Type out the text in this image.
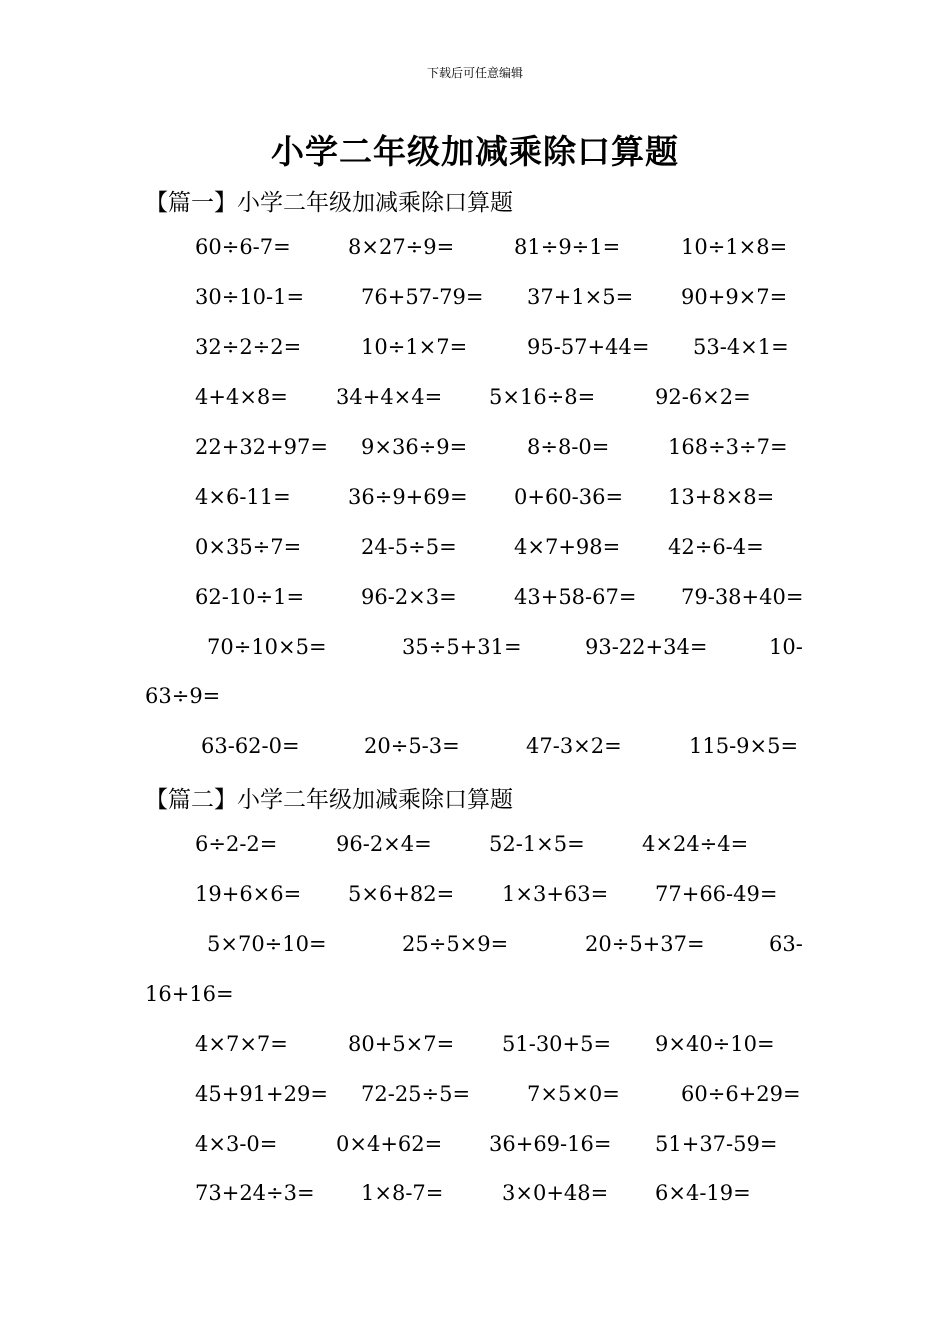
下载后可任意编辑
小学二年级加减乘除口算题
【篇一】小学二年级加减乘除口算题
60÷6-7=	8×27÷9=	81÷9÷1=	10÷1×8=
30÷10-1=	76+57-79= 37+1×5= 90+9×7=
32÷2÷2=	10÷1×7=	95-57+44= 53-4×1=
4+4×8= 34+4×4= 5×16÷8=	92-6×2=
22+32+97= 9×36÷9=	8÷8-0=	168÷3÷7=
4×6-11=	36÷9+69= 0+60-36= 13+8×8=
0×35÷7=	24-5÷5=	4×7+98= 42÷6-4=
62-10÷1=	96-2×3=	43+58-67= 79-38+40=
70÷10×5=	35÷5+31=	93-22+34=	10-
63÷9=
63-62-0=	20÷5-3=	47-3×2=	115-9×5=
【篇二】小学二年级加减乘除口算题
6÷2-2=	96-2×4=	52-1×5=	4×24÷4=
19+6×6= 5×6+82= 1×3+63= 77+66-49=
5×70÷10=	25÷5×9=	20÷5+37=	63-
16+16=
4×7×7=	80+5×7= 51-30+5= 9×40÷10=
45+91+29= 72-25÷5=	7×5×0=	60÷6+29=
4×3-0=	0×4+62= 36+69-16= 51+37-59=
73+24÷3= 1×8-7=	3×0+48= 6×4-19=
